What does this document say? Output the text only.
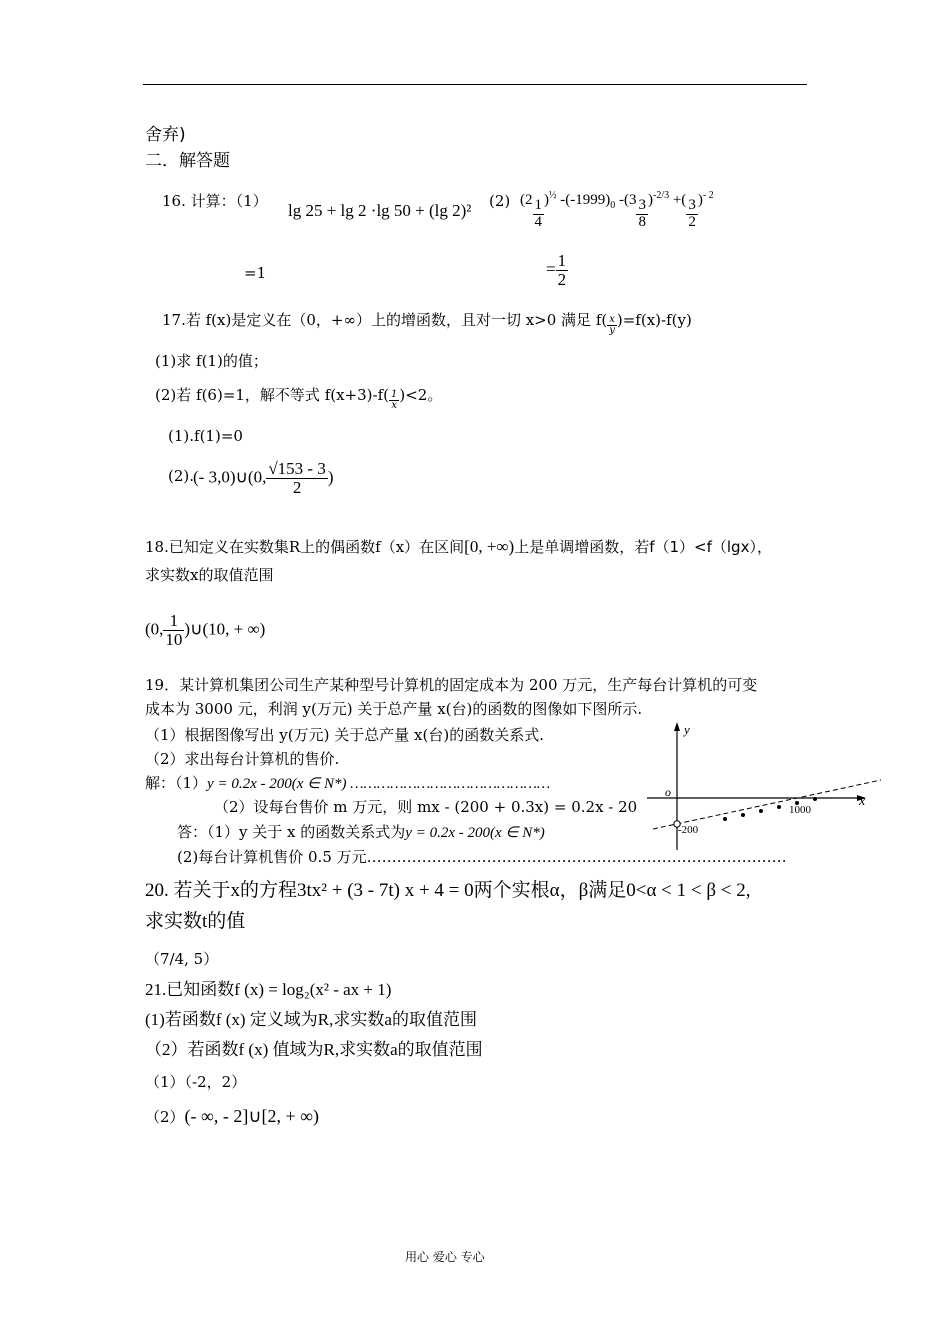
舍弃)
二．解答题
16. 计算：（1） lg 25 + lg 2 ·lg 50 + (lg 2)² (2) $(2 \frac{1}{4} )^{\frac{1}{2}}$ $-(-1999)_0$ $-(3 \frac{3}{8} )^{-2/3}$ +( $\frac{3}{2} )^{- 2}$
=1	= $\frac{1}{2}$
17.若 f(x)是定义在（0，+∞）上的增函数，且对一切 x>0 满足 $f( \frac{x}{y} )=f(x)-f(y)$
(1)求 f(1)的值；
(2)若 f(6)=1，解不等式 $f(x+3)-f( \frac{1}{x} )<2$。
(1).f(1)=0
(2).
(- 3,0)∪(0, $\frac{√153 - 3}{2}$ )
18.已知定义在实数集R上的偶函数f（x）在区间[0, +∞)上是单调增函数，若f（1）<f（lgx），
求实数x的取值范围
(0, $\frac{1}{10}$ )∪(10, + ∞)
19．某计算机集团公司生产某种型号计算机的固定成本为 200 万元，生产每台计算机的可变
成本为 3000 元，利润 y(万元) 关于总产量 x(台)的函数的图像如下图所示.
（1）根据图像写出 y(万元) 关于总产量 x(台)的函数关系式.
（2）求出每台计算机的售价.
解：（1）y = 0.2x - 200(x ∈ N*) ………………………………………
（2）设每台售价 m 万元，则 mx - (200 + 0.3x) = 0.2x - 20
答：（1）y 关于 x 的函数关系式为y = 0.2x - 200(x ∈ N*)
(2)每台计算机售价 0.5 万元…………………………………………………………………………
y
x
o
1000
-200
20. 若关于x的方程3tx² + (3 - 7t) x + 4 = 0两个实根α，β满足0<α < 1 < β < 2,
求实数t的值
（7/4, 5）
21.已知函数f (x) = log₂(x² - ax + 1)
(1)若函数f (x) 定义域为R,求实数a的取值范围
（2）若函数f (x) 值域为R,求实数a的取值范围
（1）（-2，2）
（2）(- ∞, - 2]∪[2, + ∞)
用心 爱心 专心
